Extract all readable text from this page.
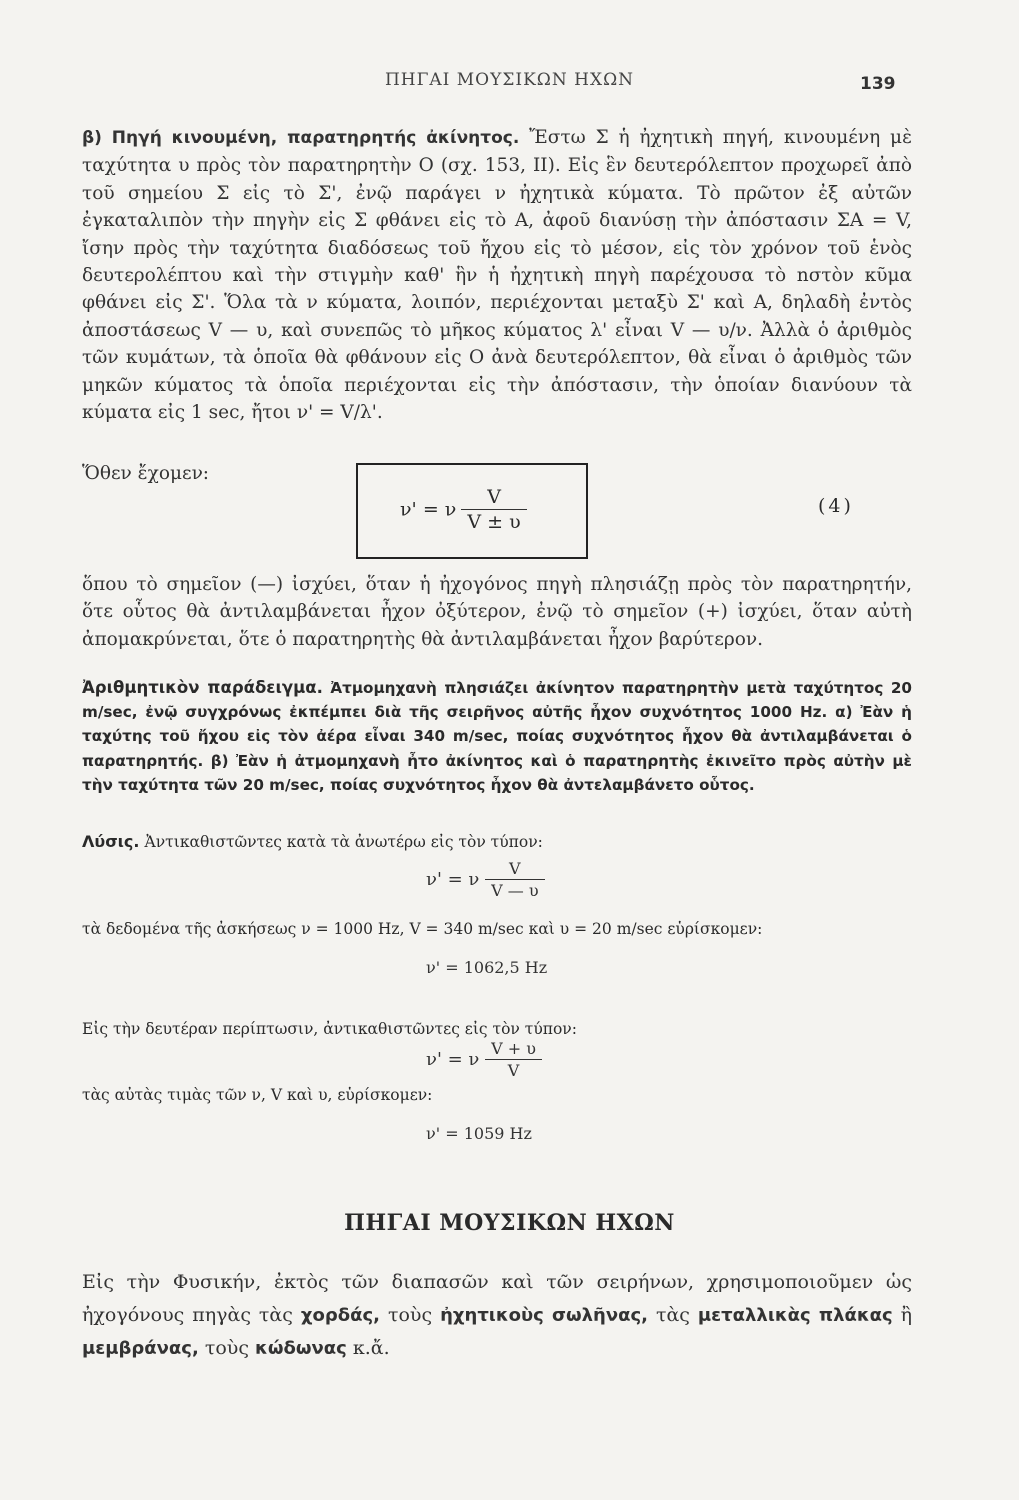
ΠΗΓΑΙ ΜΟΥΣΙΚΩΝ ΗΧΩΝ	139
β) Πηγή κινουμένη, παρατηρητής ἀκίνητος. Ἔστω Σ ἡ ἠχητικὴ πηγή, κινουμένη μὲ ταχύτητα υ πρὸς τὸν παρατηρητὴν Ο (σχ. 153, ΙΙ). Εἰς ἓν δευτερόλεπτον προχωρεῖ ἀπὸ τοῦ σημείου Σ εἰς τὸ Σ', ἐνῷ παράγει ν ἠχητικὰ κύματα. Τὸ πρῶτον ἐξ αὐτῶν ἐγκαταλιπὸν τὴν πηγὴν εἰς Σ φθάνει εἰς τὸ Α, ἀφοῦ διανύσῃ τὴν ἀπόστασιν ΣΑ = V, ἴσην πρὸς τὴν ταχύτητα διαδόσεως τοῦ ἤχου εἰς τὸ μέσον, εἰς τὸν χρόνον τοῦ ἑνὸς δευτερολέπτου καὶ τὴν στιγμὴν καθ' ἣν ἡ ἠχητικὴ πηγὴ παρέχουσα τὸ nστὸν κῦμα φθάνει εἰς Σ'. Ὅλα τὰ ν κύματα, λοιπόν, περιέχονται μεταξὺ Σ' καὶ Α, δηλαδὴ ἐντὸς ἀποστάσεως V — υ, καὶ συνεπῶς τὸ μῆκος κύματος λ' εἶναι V — υ/ν. Ἀλλὰ ὁ ἀριθμὸς τῶν κυμάτων, τὰ ὁποῖα θὰ φθάνουν εἰς Ο ἀνὰ δευτερόλεπτον, θὰ εἶναι ὁ ἀριθμὸς τῶν μηκῶν κύματος τὰ ὁποῖα περιέχονται εἰς τὴν ἀπόστασιν, τὴν ὁποίαν διανύουν τὰ κύματα εἰς 1 sec, ἤτοι ν' = V/λ'.
Ὅθεν ἔχομεν:
ν' = ν $\frac{V}{V \pm \upsilon}$	(4)
ὅπου τὸ σημεῖον (—) ἰσχύει, ὅταν ἡ ἠχογόνος πηγὴ πλησιάζῃ πρὸς τὸν παρατηρητήν, ὅτε οὗτος θὰ ἀντιλαμβάνεται ἦχον ὀξύτερον, ἐνῷ τὸ σημεῖον (+) ἰσχύει, ὅταν αὐτὴ ἀπομακρύνεται, ὅτε ὁ παρατηρητὴς θὰ ἀντιλαμβάνεται ἦχον βαρύτερον.
Ἀριθμητικὸν παράδειγμα. Ἀτμομηχανὴ πλησιάζει ἀκίνητον παρατηρητὴν μετὰ ταχύτητος 20 m/sec, ἐνῷ συγχρόνως ἐκπέμπει διὰ τῆς σειρῆνος αὐτῆς ἦχον συχνότητος 1000 Hz. α) Ἐὰν ἡ ταχύτης τοῦ ἤχου εἰς τὸν ἀέρα εἶναι 340 m/sec, ποίας συχνότητος ἦχον θὰ ἀντιλαμβάνεται ὁ παρατηρητής. β) Ἐὰν ἡ ἀτμομηχανὴ ἦτο ἀκίνητος καὶ ὁ παρατηρητὴς ἐκινεῖτο πρὸς αὐτὴν μὲ τὴν ταχύτητα τῶν 20 m/sec, ποίας συχνότητος ἦχον θὰ ἀντελαμβάνετο οὗτος.
Λύσις. Ἀντικαθιστῶντες κατὰ τὰ ἀνωτέρω εἰς τὸν τύπον:
ν' = ν $\frac{V}{V — \upsilon}$
τὰ δεδομένα τῆς ἀσκήσεως ν = 1000 Hz, V = 340 m/sec καὶ υ = 20 m/sec εὑρίσκομεν:
ν' = 1062,5 Hz
Εἰς τὴν δευτέραν περίπτωσιν, ἀντικαθιστῶντες εἰς τὸν τύπον:
ν' = ν $\frac{V + \upsilon}{V}$
τὰς αὐτὰς τιμὰς τῶν ν, V καὶ υ, εὑρίσκομεν:
ν' = 1059 Hz
ΠΗΓΑΙ ΜΟΥΣΙΚΩΝ ΗΧΩΝ
Εἰς τὴν Φυσικήν, ἐκτὸς τῶν διαπασῶν καὶ τῶν σειρήνων, χρησιμοποιοῦμεν ὡς ἠχογόνους πηγὰς τὰς χορδάς, τοὺς ἠχητικοὺς σωλῆνας, τὰς μεταλλικὰς πλάκας ἢ μεμβράνας, τοὺς κώδωνας κ.ἄ.
